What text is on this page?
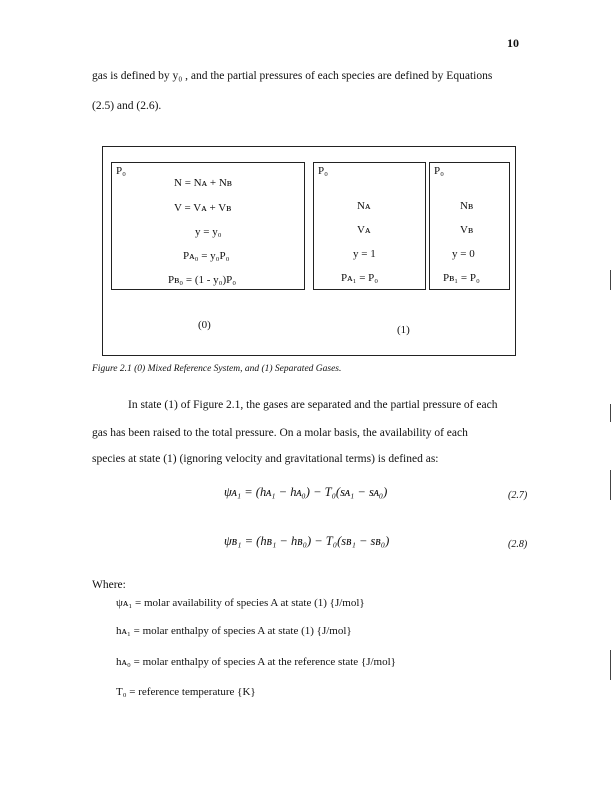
10
gas is defined by y₀ , and the partial pressures of each species are defined by Equations
(2.5) and (2.6).
P₀
N = Nᴀ + Nʙ
V = Vᴀ + Vʙ
y = y₀
Pᴀ₀ = y₀P₀
Pʙ₀ = (1 - y₀)P₀
P₀
Nᴀ
Vᴀ
y = 1
Pᴀ₁ = P₀
P₀
Nʙ
Vʙ
y = 0
Pʙ₁ = P₀
(0)	(1)
Figure 2.1 (0) Mixed Reference System, and (1) Separated Gases.
In state (1) of Figure 2.1, the gases are separated and the partial pressure of each
gas has been raised to the total pressure. On a molar basis, the availability of each
species at state (1) (ignoring velocity and gravitational terms) is defined as:
ψᴀ₁ = (hᴀ₁ − hᴀ₀) − T₀(sᴀ₁ − sᴀ₀)	(2.7)
ψʙ₁ = (hʙ₁ − hʙ₀) − T₀(sʙ₁ − sʙ₀)	(2.8)
Where:
ψᴀ₁ = molar availability of species A at state (1) {J/mol}
hᴀ₁ = molar enthalpy of species A at state (1) {J/mol}
hᴀ₀ = molar enthalpy of species A at the reference state {J/mol}
T₀ = reference temperature {K}
